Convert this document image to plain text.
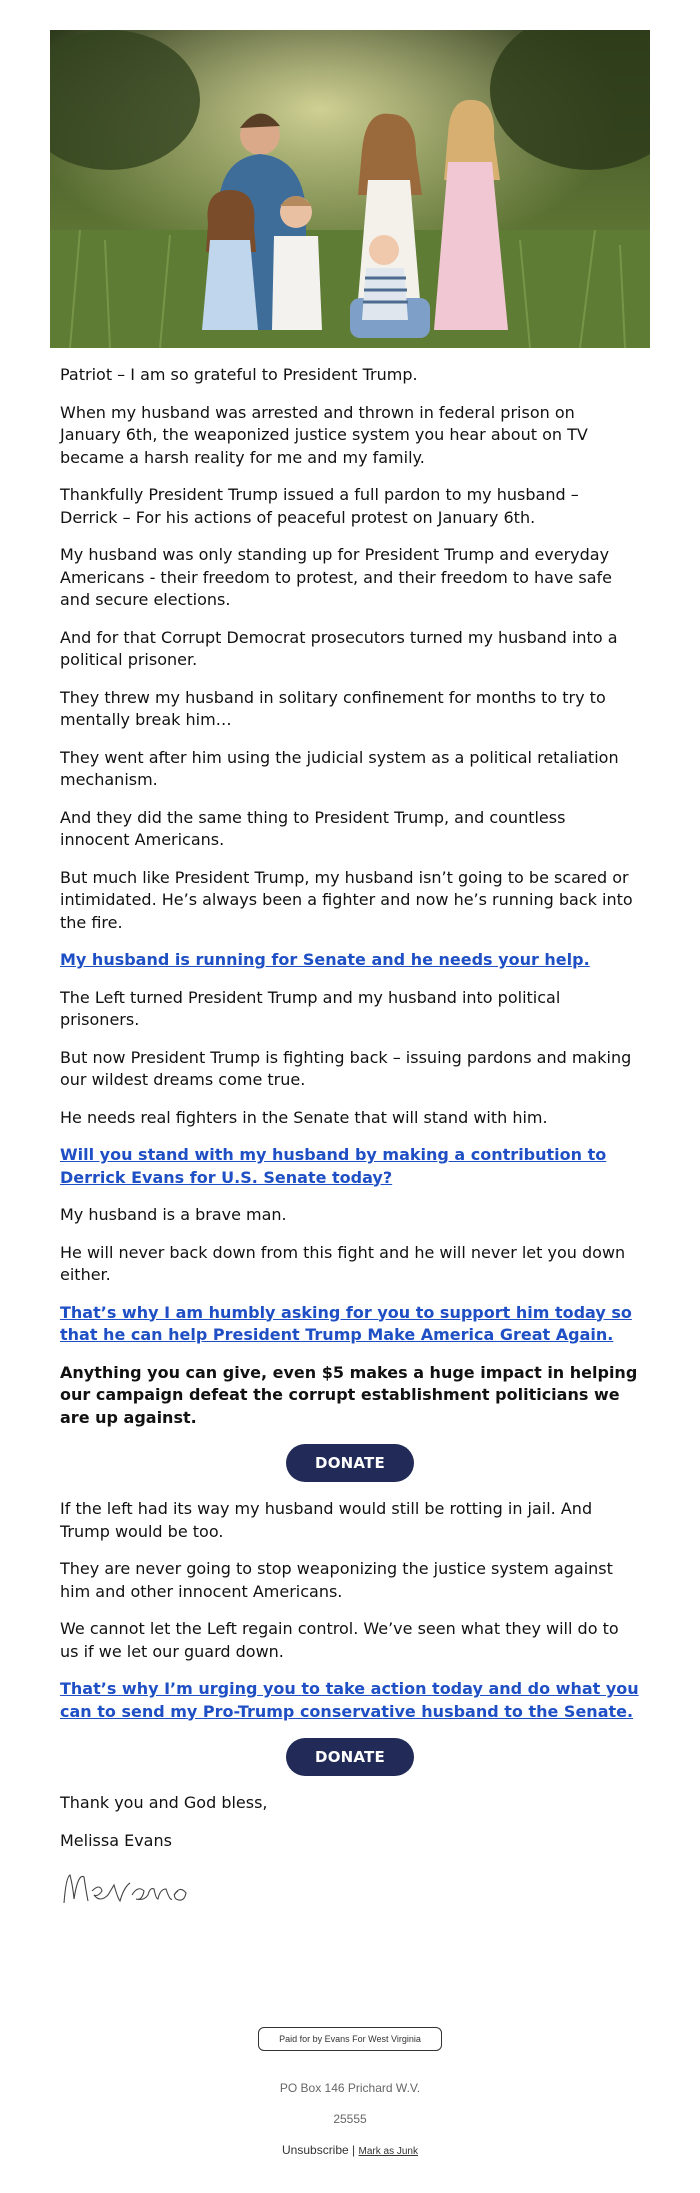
Patriot – I am so grateful to President Trump.

When my husband was arrested and thrown in federal prison on January 6th, the weaponized justice system you hear about on TV became a harsh reality for me and my family.

Thankfully President Trump issued a full pardon to my husband – Derrick – For his actions of peaceful protest on January 6th.

My husband was only standing up for President Trump and everyday Americans - their freedom to protest, and their freedom to have safe and secure elections.

And for that Corrupt Democrat prosecutors turned my husband into a political prisoner.

They threw my husband in solitary confinement for months to try to mentally break him…

They went after him using the judicial system as a political retaliation mechanism.

And they did the same thing to President Trump, and countless innocent Americans.

But much like President Trump, my husband isn’t going to be scared or intimidated. He’s always been a fighter and now he’s running back into the fire.

My husband is running for Senate and he needs your help.

The Left turned President Trump and my husband into political prisoners.

But now President Trump is fighting back – issuing pardons and making our wildest dreams come true.

He needs real fighters in the Senate that will stand with him.

Will you stand with my husband by making a contribution to Derrick Evans for U.S. Senate today?

My husband is a brave man.

He will never back down from this fight and he will never let you down either.

That’s why I am humbly asking for you to support him today so that he can help President Trump Make America Great Again.

Anything you can give, even $5 makes a huge impact in helping our campaign defeat the corrupt establishment politicians we are up against.

DONATE

If the left had its way my husband would still be rotting in jail. And Trump would be too.

They are never going to stop weaponizing the justice system against him and other innocent Americans.

We cannot let the Left regain control. We’ve seen what they will do to us if we let our guard down.

That’s why I’m urging you to take action today and do what you can to send my Pro-Trump conservative husband to the Senate.

DONATE

Thank you and God bless,

Melissa Evans

Paid for by Evans For West Virginia
PO Box 146 Prichard W.V.
25555
Unsubscribe | Mark as Junk
